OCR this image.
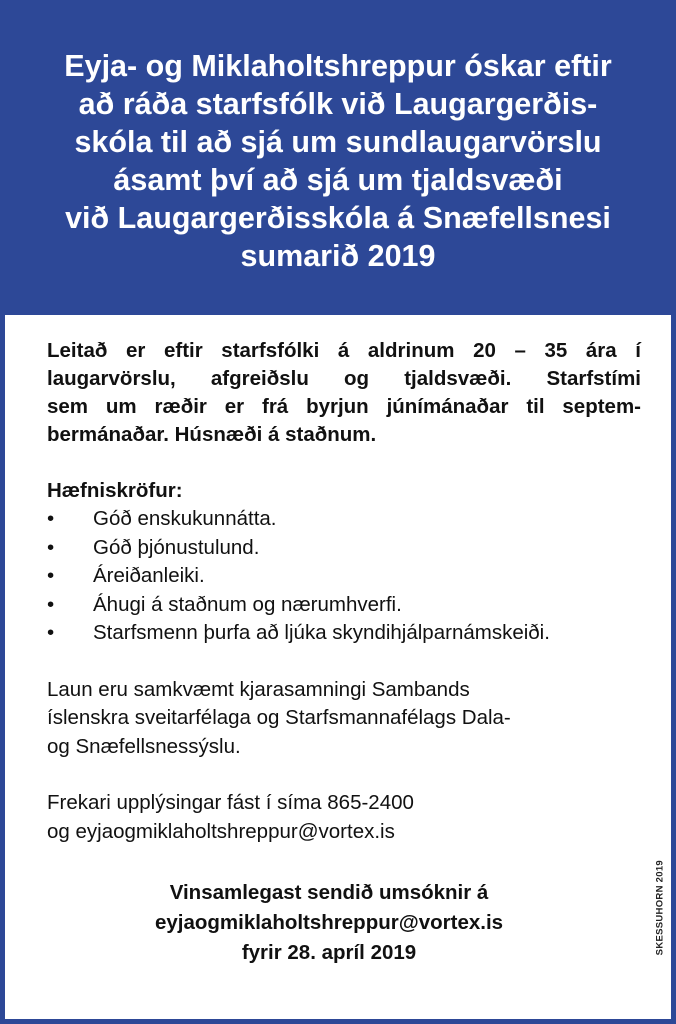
Eyja- og Miklaholtshreppur óskar eftir
að ráða starfsfólk við Laugargerðis-
skóla til að sjá um sundlaugarvörslu
ásamt því að sjá um tjaldsvæði
við Laugargerðisskóla á Snæfellsnesi
sumarið 2019

Leitað er eftir starfsfólki á aldrinum 20 – 35 ára í
laugarvörslu, afgreiðslu og tjaldsvæði. Starfstími
sem um ræðir er frá byrjun júnímánaðar til septem-
bermánaðar. Húsnæði á staðnum.

Hæfniskröfur:
• Góð enskukunnátta.
• Góð þjónustulund.
• Áreiðanleiki.
• Áhugi á staðnum og nærumhverfi.
• Starfsmenn þurfa að ljúka skyndihjálparnámskeiði.

Laun eru samkvæmt kjarasamningi Sambands
íslenskra sveitarfélaga og Starfsmannafélags Dala-
og Snæfellsnessýslu.

Frekari upplýsingar fást í síma 865-2400
og eyjaogmiklaholtshreppur@vortex.is

Vinsamlegast sendið umsóknir á
eyjaogmiklaholtshreppur@vortex.is
fyrir 28. apríl 2019	SKESSUHORN 2019
